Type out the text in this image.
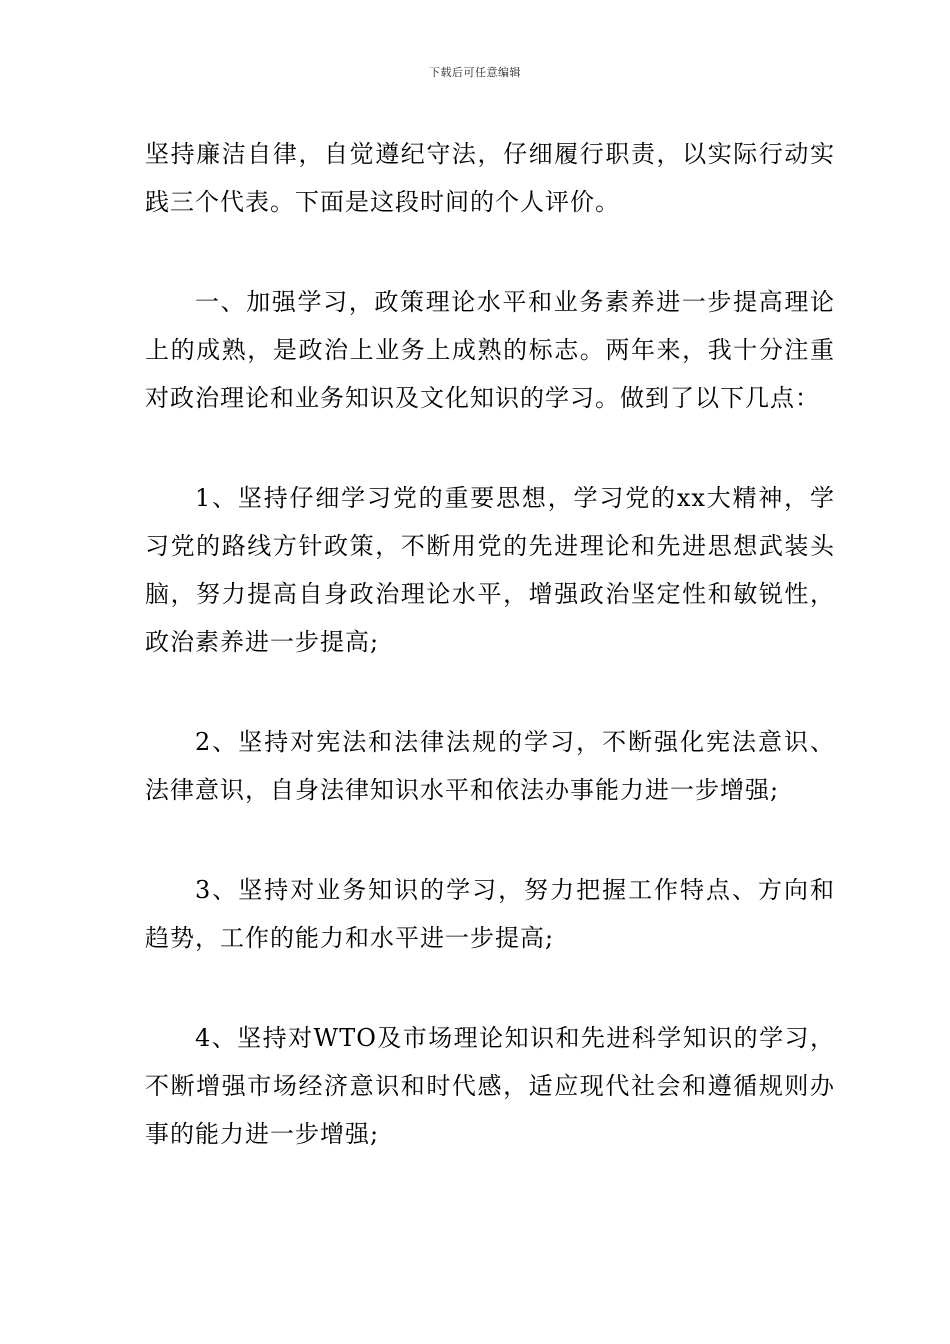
下载后可任意编辑

坚持廉洁自律，自觉遵纪守法，仔细履行职责，以实际行动实践三个代表。下面是这段时间的个人评价。

一、加强学习，政策理论水平和业务素养进一步提高理论上的成熟，是政治上业务上成熟的标志。两年来，我十分注重对政治理论和业务知识及文化知识的学习。做到了以下几点：

1、坚持仔细学习党的重要思想，学习党的xx大精神，学习党的路线方针政策，不断用党的先进理论和先进思想武装头脑，努力提高自身政治理论水平，增强政治坚定性和敏锐性，政治素养进一步提高;

2、坚持对宪法和法律法规的学习，不断强化宪法意识、法律意识，自身法律知识水平和依法办事能力进一步增强;

3、坚持对业务知识的学习，努力把握工作特点、方向和趋势，工作的能力和水平进一步提高;

4、坚持对WTO及市场理论知识和先进科学知识的学习，不断增强市场经济意识和时代感，适应现代社会和遵循规则办事的能力进一步增强;
